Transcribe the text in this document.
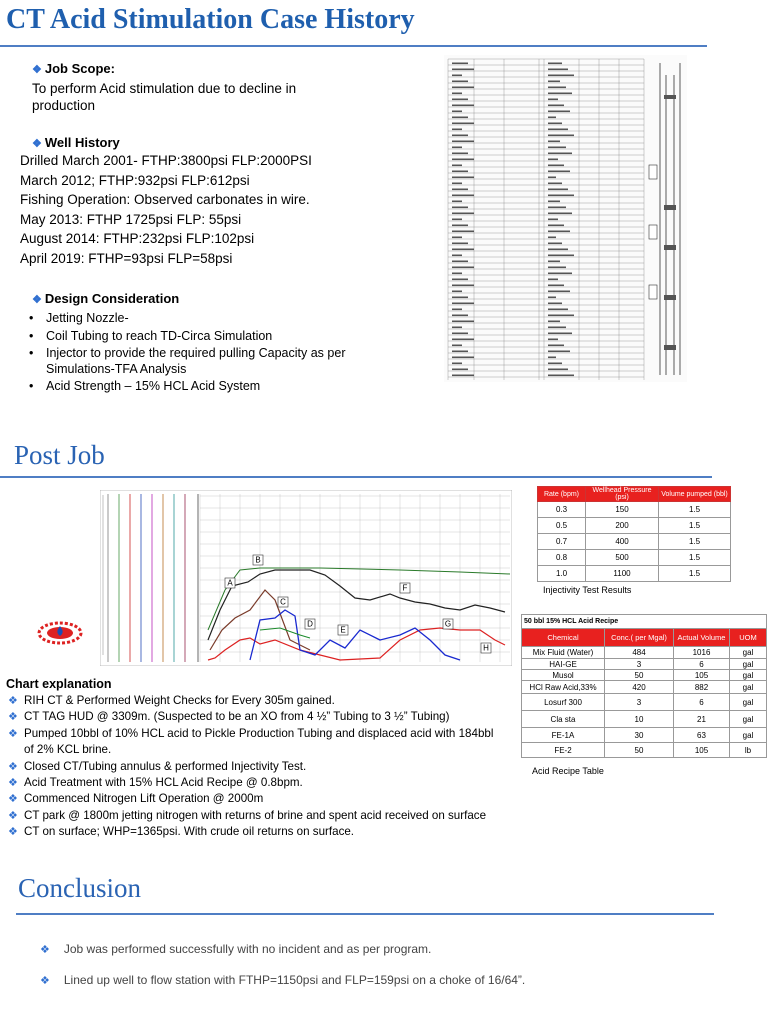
CT Acid Stimulation Case History
❖ Job Scope:
To perform Acid stimulation due to decline in production
❖ Well History
Drilled March 2001- FTHP:3800psi FLP:2000PSI
March 2012; FTHP:932psi FLP:612psi
Fishing Operation: Observed carbonates in wire.
May 2013: FTHP 1725psi FLP: 55psi
August 2014: FTHP:232psi FLP:102psi
April 2019: FTHP=93psi FLP=58psi
❖ Design Consideration
• Jetting Nozzle-
• Coil Tubing to reach TD-Circa Simulation
• Injector to provide the required pulling Capacity as per Simulations-TFA Analysis
• Acid Strength – 15% HCL Acid System
Post Job
A
B
C
D
E
F
G
H
Rate (bpm)	Wellhead Pressure (psi)	Volume pumped (bbl)
0.3	150	1.5
0.5	200	1.5
0.7	400	1.5
0.8	500	1.5
1.0	1100	1.5
Injectivity Test Results
50 bbl 15% HCL Acid Recipe			
Chemical	Conc.( per Mgal)	Actual Volume	UOM
Mix Fluid (Water)	484	1016	gal
HAI-GE	3	6	gal
Musol	50	105	gal
HCl Raw Acid,33%	420	882	gal
Losurf 300	3	6	gal
Cla sta	10	21	gal
FE-1A	30	63	gal
FE-2	50	105	lb
Acid Recipe Table
Chart explanation
❖ RIH CT & Performed Weight Checks for Every 305m gained.
❖ CT TAG HUD @ 3309m. (Suspected to be an XO from 4 ½” Tubing to 3 ½” Tubing)
❖ Pumped 10bbl of 10% HCL acid to Pickle Production Tubing and displaced acid with 184bbl of 2% KCL brine.
❖ Closed CT/Tubing annulus & performed Injectivity Test.
❖ Acid Treatment with 15% HCL Acid Recipe @ 0.8bpm.
❖ Commenced Nitrogen Lift Operation @ 2000m
❖ CT park @ 1800m jetting nitrogen with returns of brine and spent acid received on surface
❖ CT on surface; WHP=1365psi. With crude oil returns on surface.
Conclusion
❖ Job was performed successfully with no incident and as per program.
❖ Lined up well to flow station with FTHP=1150psi and FLP=159psi on a choke of 16/64”.
